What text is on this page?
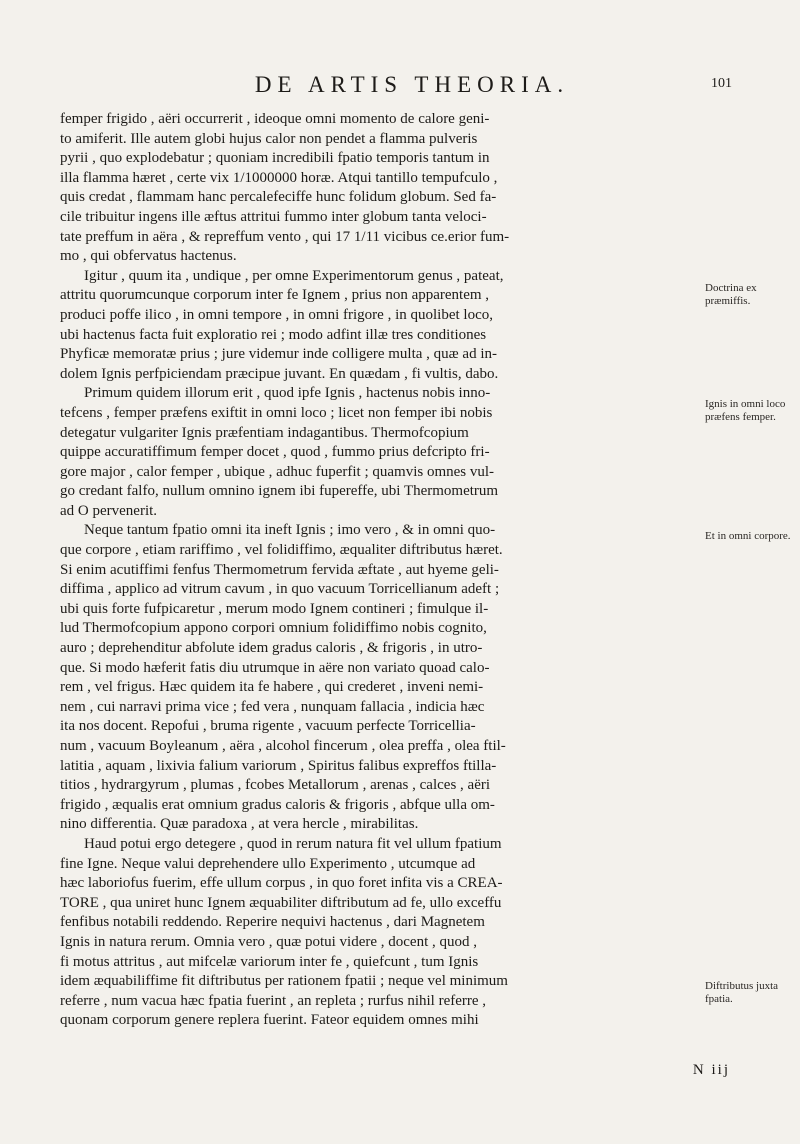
DE ARTIS THEORIA.	101
femper frigido , aëri occurrerit , ideoque omni momento de calore geni-
to amiferit. Ille autem globi hujus calor non pendet a flamma pulveris
pyrii , quo explodebatur ; quoniam incredibili fpatio temporis tantum in
illa flamma hæret , certe vix 1/1000000 horæ. Atqui tantillo tempufculo ,
quis credat , flammam hanc percalefeciffe hunc folidum globum. Sed fa-
cile tribuitur ingens ille æftus attritui fummo inter globum tanta veloci-
tate preffum in aëra , & repreffum vento , qui 17 1/11 vicibus ce.erior fum-
mo , qui obfervatus hactenus.
Igitur , quum ita , undique , per omne Experimentorum genus , pateat,
attritu quorumcunque corporum inter fe Ignem , prius non apparentem ,
produci poffe ilico , in omni tempore , in omni frigore , in quolibet loco,
ubi hactenus facta fuit exploratio rei ; modo adfint illæ tres conditiones
Phyficæ memoratæ prius ; jure videmur inde colligere multa , quæ ad in-
dolem Ignis perfpiciendam præcipue juvant. En quædam , fi vultis, dabo.
Primum quidem illorum erit , quod ipfe Ignis , hactenus nobis inno-
tefcens , femper præfens exiftit in omni loco ; licet non femper ibi nobis
detegatur vulgariter Ignis præfentiam indagantibus. Thermofcopium
quippe accuratiffimum femper docet , quod , fummo prius defcripto fri-
gore major , calor femper , ubique , adhuc fuperfit ; quamvis omnes vul-
go credant falfo, nullum omnino ignem ibi fupereffe, ubi Thermometrum
ad O pervenerit.
Neque tantum fpatio omni ita ineft Ignis ; imo vero , & in omni quo-
que corpore , etiam rariffimo , vel folidiffimo, æqualiter diftributus hæret.
Si enim acutiffimi fenfus Thermometrum fervida æftate , aut hyeme geli-
diffima , applico ad vitrum cavum , in quo vacuum Torricellianum adeft ;
ubi quis forte fufpicaretur , merum modo Ignem contineri ; fimulque il-
lud Thermofcopium appono corpori omnium folidiffimo nobis cognito,
auro ; deprehenditur abfolute idem gradus caloris , & frigoris , in utro-
que. Si modo hæferit fatis diu utrumque in aëre non variato quoad calo-
rem , vel frigus. Hæc quidem ita fe habere , qui crederet , inveni nemi-
nem , cui narravi prima vice ; fed vera , nunquam fallacia , indicia hæc
ita nos docent. Repofui , bruma rigente , vacuum perfecte Torricellia-
num , vacuum Boyleanum , aëra , alcohol fincerum , olea preffa , olea ftil-
latitia , aquam , lixivia falium variorum , Spiritus falibus expreffos ftilla-
titios , hydrargyrum , plumas , fcobes Metallorum , arenas , calces , aëri
frigido , æqualis erat omnium gradus caloris & frigoris , abfque ulla om-
nino differentia. Quæ paradoxa , at vera hercle , mirabilitas.
Haud potui ergo detegere , quod in rerum natura fit vel ullum fpatium
fine Igne. Neque valui deprehendere ullo Experimento , utcumque ad
hæc laboriofus fuerim, effe ullum corpus , in quo foret infita vis a CREA-
TORE , qua uniret hunc Ignem æquabiliter diftributum ad fe, ullo exceffu
fenfibus notabili reddendo. Reperire nequivi hactenus , dari Magnetem
Ignis in natura rerum. Omnia vero , quæ potui videre , docent , quod ,
fi motus attritus , aut mifcelæ variorum inter fe , quiefcunt , tum Ignis
idem æquabiliffime fit diftributus per rationem fpatii ; neque vel minimum
referre , num vacua hæc fpatia fuerint , an repleta ; rurfus nihil referre ,
quonam corporum genere replera fuerint. Fateor equidem omnes mihi
Doctrina ex præmiffis.
Ignis in omni loco præfens femper.
Et in omni corpore.
Diftributus juxta fpatia.
N iij
